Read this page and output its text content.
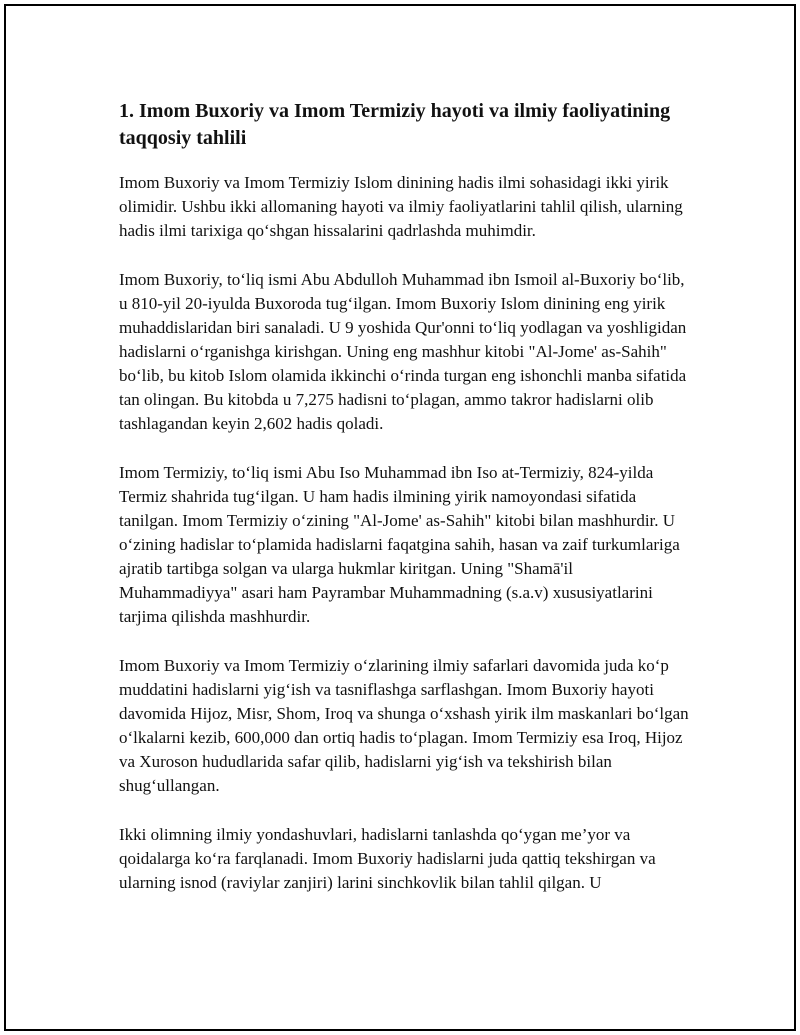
1. Imom Buxoriy va Imom Termiziy hayoti va ilmiy faoliyatining taqqosiy tahlili

Imom Buxoriy va Imom Termiziy Islom dinining hadis ilmi sohasidagi ikki yirik olimidir. Ushbu ikki allomaning hayoti va ilmiy faoliyatlarini tahlil qilish, ularning hadis ilmi tarixiga qo‘shgan hissalarini qadrlashda muhimdir.

Imom Buxoriy, to‘liq ismi Abu Abdulloh Muhammad ibn Ismoil al-Buxoriy bo‘lib, u 810-yil 20-iyulda Buxoroda tug‘ilgan. Imom Buxoriy Islom dinining eng yirik muhaddislaridan biri sanaladi. U 9 yoshida Qur'onni to‘liq yodlagan va yoshligidan hadislarni o‘rganishga kirishgan. Uning eng mashhur kitobi "Al-Jome' as-Sahih" bo‘lib, bu kitob Islom olamida ikkinchi o‘rinda turgan eng ishonchli manba sifatida tan olingan. Bu kitobda u 7,275 hadisni to‘plagan, ammo takror hadislarni olib tashlagandan keyin 2,602 hadis qoladi.

Imom Termiziy, to‘liq ismi Abu Iso Muhammad ibn Iso at-Termiziy, 824-yilda Termiz shahrida tug‘ilgan. U ham hadis ilmining yirik namoyondasi sifatida tanilgan. Imom Termiziy o‘zining "Al-Jome' as-Sahih" kitobi bilan mashhurdir. U o‘zining hadislar to‘plamida hadislarni faqatgina sahih, hasan va zaif turkumlariga ajratib tartibga solgan va ularga hukmlar kiritgan. Uning "Shamā'il Muhammadiyya" asari ham Payrambar Muhammadning (s.a.v) xususiyatlarini tarjima qilishda mashhurdir.

Imom Buxoriy va Imom Termiziy o‘zlarining ilmiy safarlari davomida juda ko‘p muddatini hadislarni yig‘ish va tasniflashga sarflashgan. Imom Buxoriy hayoti davomida Hijoz, Misr, Shom, Iroq va shunga o‘xshash yirik ilm maskanlari bo‘lgan o‘lkalarni kezib, 600,000 dan ortiq hadis to‘plagan. Imom Termiziy esa Iroq, Hijoz va Xuroson hududlarida safar qilib, hadislarni yig‘ish va tekshirish bilan shug‘ullangan.

Ikki olimning ilmiy yondashuvlari, hadislarni tanlashda qo‘ygan me’yor va qoidalarga ko‘ra farqlanadi. Imom Buxoriy hadislarni juda qattiq tekshirgan va ularning isnod (raviylar zanjiri) larini sinchkovlik bilan tahlil qilgan. U
